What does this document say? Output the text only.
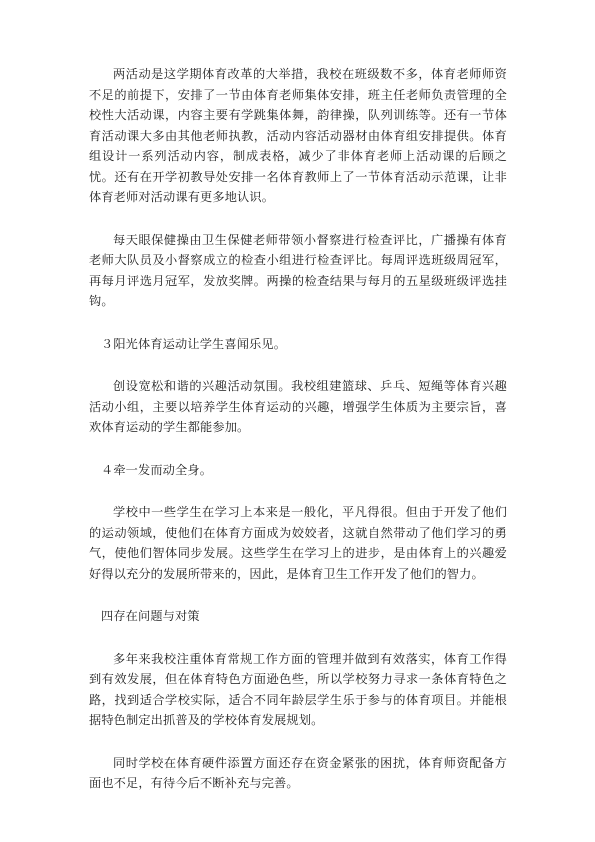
两活动是这学期体育改革的大举措，我校在班级数不多，体育老师师资不足的前提下，安排了一节由体育老师集体安排，班主任老师负责管理的全校性大活动课，内容主要有学跳集体舞，韵律操，队列训练等。还有一节体育活动课大多由其他老师执教，活动内容活动器材由体育组安排提供。体育组设计一系列活动内容，制成表格，减少了非体育老师上活动课的后顾之忧。还有在开学初教导处安排一名体育教师上了一节体育活动示范课，让非体育老师对活动课有更多地认识。

每天眼保健操由卫生保健老师带领小督察进行检查评比，广播操有体育老师大队员及小督察成立的检查小组进行检查评比。每周评选班级周冠军，再每月评选月冠军，发放奖牌。两操的检查结果与每月的五星级班级评选挂钩。

３阳光体育运动让学生喜闻乐见。

创设宽松和谐的兴趣活动氛围。我校组建篮球、乒乓、短绳等体育兴趣活动小组，主要以培养学生体育运动的兴趣，增强学生体质为主要宗旨，喜欢体育运动的学生都能参加。

４牵一发而动全身。

学校中一些学生在学习上本来是一般化，平凡得很。但由于开发了他们的运动领域，使他们在体育方面成为姣姣者，这就自然带动了他们学习的勇气，使他们智体同步发展。这些学生在学习上的进步，是由体育上的兴趣爱好得以充分的发展所带来的，因此，是体育卫生工作开发了他们的智力。

四存在问题与对策

多年来我校注重体育常规工作方面的管理并做到有效落实，体育工作得到有效发展，但在体育特色方面逊色些，所以学校努力寻求一条体育特色之路，找到适合学校实际，适合不同年龄层学生乐于参与的体育项目。并能根据特色制定出抓普及的学校体育发展规划。

同时学校在体育硬件添置方面还存在资金紧张的困扰，体育师资配备方面也不足，有待今后不断补充与完善。
